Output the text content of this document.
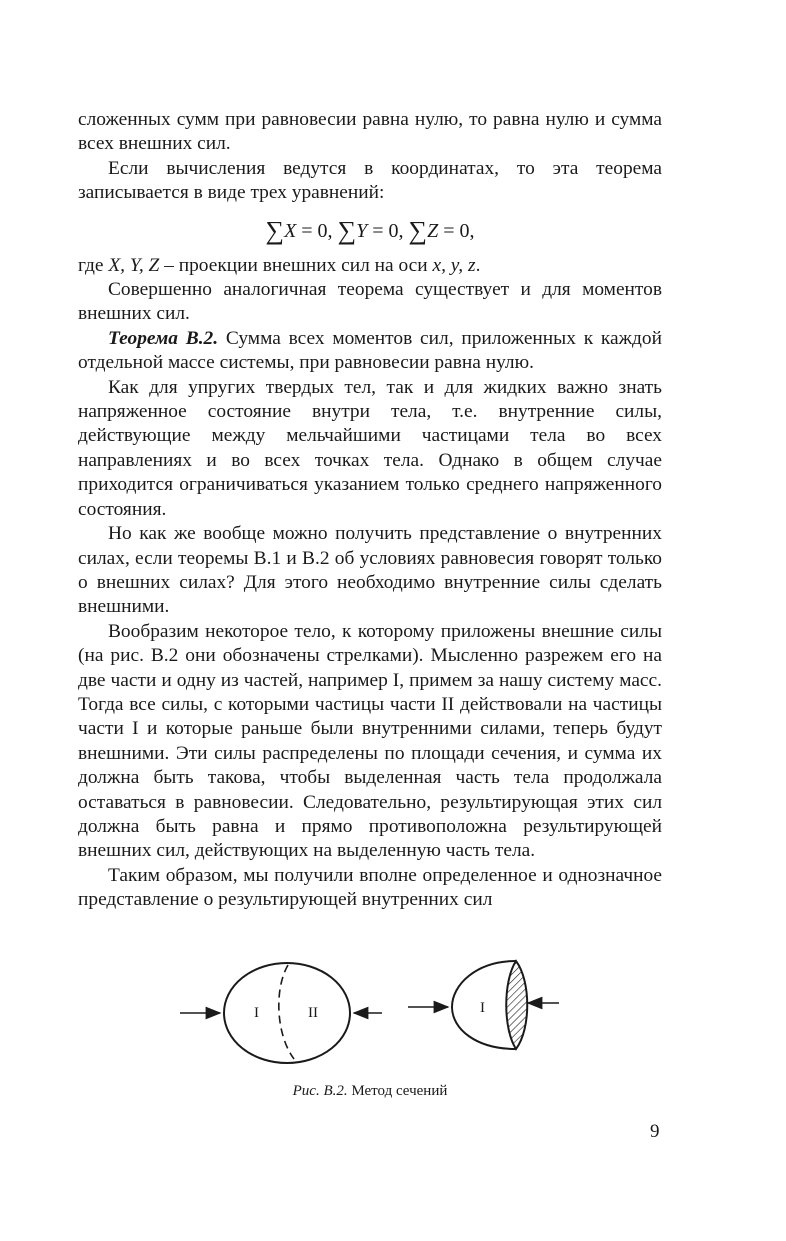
сложенных сумм при равновесии равна нулю, то равна нулю и сумма всех внешних сил.

Если вычисления ведутся в координатах, то эта теорема записывается в виде трех уравнений:

∑X = 0, ∑Y = 0, ∑Z = 0,

где X, Y, Z – проекции внешних сил на оси x, y, z.

Совершенно аналогичная теорема существует и для моментов внешних сил.

Теорема В.2. Сумма всех моментов сил, приложенных к каждой отдельной массе системы, при равновесии равна нулю.

Как для упругих твердых тел, так и для жидких важно знать напряженное состояние внутри тела, т.е. внутренние силы, действующие между мельчайшими частицами тела во всех направлениях и во всех точках тела. Однако в общем случае приходится ограничиваться указанием только среднего напряженного состояния.

Но как же вообще можно получить представление о внутренних силах, если теоремы В.1 и В.2 об условиях равновесия говорят только о внешних силах? Для этого необходимо внутренние силы сделать внешними.

Вообразим некоторое тело, к которому приложены внешние силы (на рис. В.2 они обозначены стрелками). Мысленно разрежем его на две части и одну из частей, например I, примем за нашу систему масс. Тогда все силы, с которыми частицы части II действовали на частицы части I и которые раньше были внутренними силами, теперь будут внешними. Эти силы распределены по площади сечения, и сумма их должна быть такова, чтобы выделенная часть тела продолжала оставаться в равновесии. Следовательно, результирующая этих сил должна быть равна и прямо противоположна результирующей внешних сил, действующих на выделенную часть тела.

Таким образом, мы получили вполне определенное и однозначное представление о результирующей внутренних сил

I	II	I
Рис. В.2. Метод сечений
9
